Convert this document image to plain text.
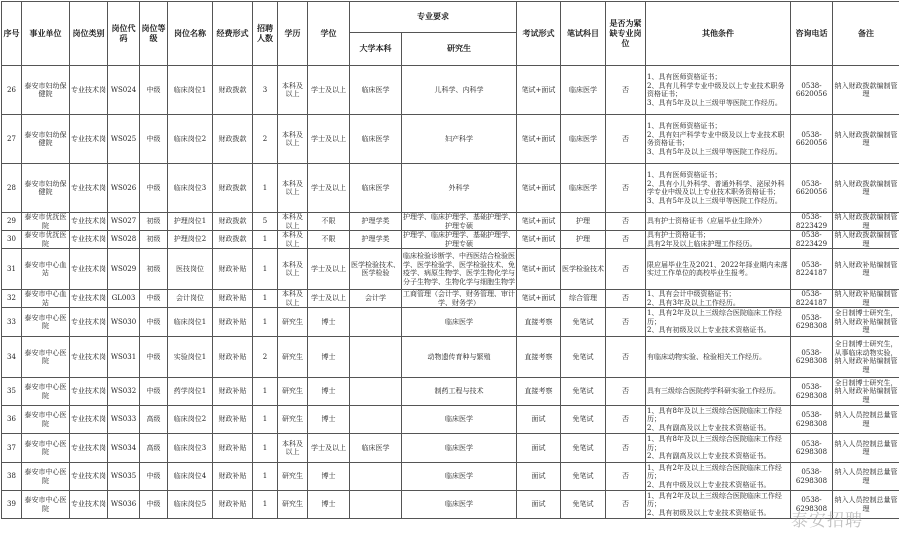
序号	事业单位	岗位类别	岗位代码	岗位等级	岗位名称	经费形式	招聘人数	学历	学位	专业要求		考试形式	笔试科目	是否为紧缺专业岗位	其他条件	咨询电话	备注
										大学本科	研究生						
26	泰安市妇幼保健院	专业技术岗	WS024	中级	临床岗位1	财政拨款	3	本科及以上	学士及以上	临床医学	儿科学、内科学	笔试+面试	临床医学	否	1、具有医师资格证书；
2、具有儿科学专业中级及以上专业技术职务资格证书；
3、具有5年及以上三级甲等医院工作经历。	0538-6620056	纳入财政拨款编制管理
27	泰安市妇幼保健院	专业技术岗	WS025	中级	临床岗位2	财政拨款	2	本科及以上	学士及以上	临床医学	妇产科学	笔试+面试	临床医学	否	1、具有医师资格证书；
2、具有妇产科学专业中级及以上专业技术职务资格证书；
3、具有5年及以上三级甲等医院工作经历。	0538-6620056	纳入财政拨款编制管理
28	泰安市妇幼保健院	专业技术岗	WS026	中级	临床岗位3	财政拨款	1	本科及以上	学士及以上	临床医学	外科学	笔试+面试	临床医学	否	1、具有医师资格证书；
2、具有小儿外科学、普通外科学、泌尿外科学专业中级及以上专业技术职务资格证书；
3、具有5年及以上三级甲等医院工作经历。	0538-6620056	纳入财政拨款编制管理
29	泰安市优抚医院	专业技术岗	WS027	初级	护理岗位1	财政拨款	5	本科及以上	不限	护理学类	护理学、临床护理学、基础护理学、护理专硕	笔试+面试	护理	否	具有护士资格证书（应届毕业生除外）	0538-8223429	纳入财政拨款编制管理
30	泰安市优抚医院	专业技术岗	WS028	初级	护理岗位2	财政拨款	1	本科及以上	不限	护理学类	护理学、临床护理学、基础护理学、护理专硕	笔试+面试	护理	否	具有护士资格证书；
具有2年及以上临床护理工作经历。	0538-8223429	纳入财政拨款编制管理
31	泰安市中心血站	专业技术岗	WS029	初级	医技岗位	财政补贴	1	本科及以上	学士及以上	医学检验技术、医学检验	临床检验诊断学、中西医结合检验医学、医学检验学、医学检验技术、免疫学、病原生物学、医学生物化学与分子生物学、生物化学与细胞生物学	笔试+面试	医学检验技术	否	限应届毕业生及2021、2022年择业期内未落实过工作单位的高校毕业生报考。	0538-8224187	纳入财政补贴编制管理
32	泰安市中心血站	专业技术岗	GL003	中级	会计岗位	财政补贴	1	本科及以上	学士及以上	会计学	工商管理（会计学、财务管理、审计学、财务学）	笔试+面试	综合管理	否	1、具有会计中级资格证书；
2、具有3年及以上工作经历。	0538-8224187	纳入财政补贴编制管理
33	泰安市中心医院	专业技术岗	WS030	中级	临床岗位1	财政补贴	1	研究生	博士		临床医学	直接考察	免笔试	否	1、具有2年及以上三级综合医院临床工作经历；
2、具有初级及以上专业技术资格证书。	0538-6298308	全日制博士研究生，纳入财政补贴编制管理
34	泰安市中心医院	专业技术岗	WS031	中级	实验岗位1	财政补贴	2	研究生	博士		动物遗传育种与繁殖	直接考察	免笔试	否	有临床动物实验、检验相关工作经历。	0538-6298308	全日制博士研究生，从事临床动物实验，纳入财政补贴编制管理
35	泰安市中心医院	专业技术岗	WS032	中级	药学岗位1	财政补贴	1	研究生	博士		制药工程与技术	直接考察	免笔试	否	具有三级综合医院药学科研实验工作经历。	0538-6298308	全日制博士研究生，纳入财政补贴编制管理
36	泰安市中心医院	专业技术岗	WS033	高级	临床岗位2	财政补贴	1	研究生	博士		临床医学	面试	免笔试	否	1、具有8年及以上三级综合医院临床工作经历；
2、具有副高及以上专业技术资格证书。	0538-6298308	纳入人员控制总量管理
37	泰安市中心医院	专业技术岗	WS034	高级	临床岗位3	财政补贴	1	本科及以上	学士及以上	临床医学	临床医学	面试	免笔试	否	1、具有8年及以上三级综合医院临床工作经历；
2、具有副高及以上专业技术资格证书。	0538-6298308	纳入人员控制总量管理
38	泰安市中心医院	专业技术岗	WS035	中级	临床岗位4	财政补贴	1	研究生	博士		临床医学	面试	免笔试	否	1、具有2年及以上三级综合医院临床工作经历；
2、具有中级及以上专业技术资格证书。	0538-6298308	纳入人员控制总量管理
39	泰安市中心医院	专业技术岗	WS036	中级	临床岗位5	财政补贴	1	研究生	博士		临床医学	面试	免笔试	否	1、具有2年及以上三级综合医院临床工作经历；
2、具有初级及以上专业技术资格证书。	0538-6298308	纳入人员控制总量管理
泰安招聘
